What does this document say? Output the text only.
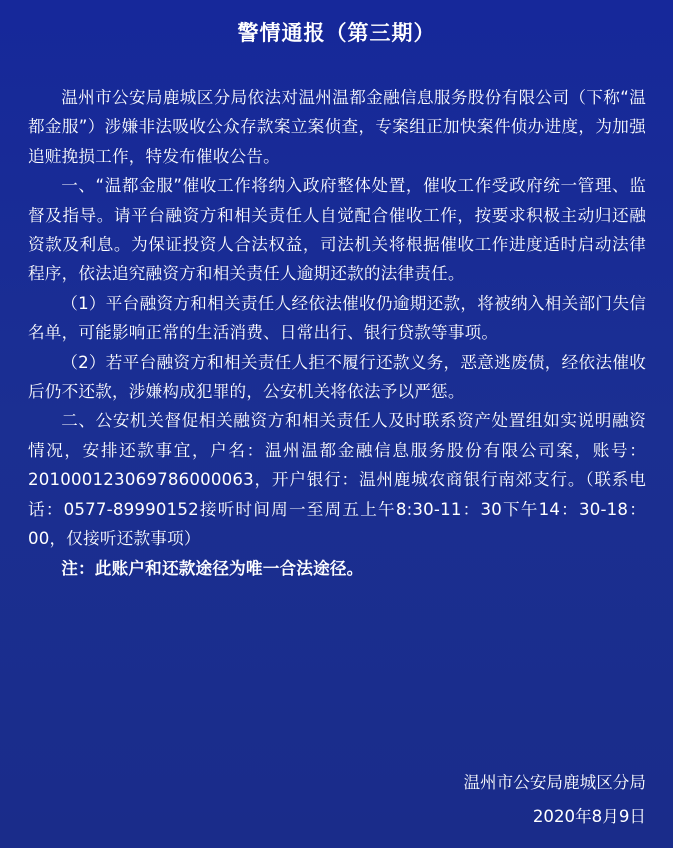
警情通报（第三期）

温州市公安局鹿城区分局依法对温州温都金融信息服务股份有限公司（下称“温都金服”）涉嫌非法吸收公众存款案立案侦查，专案组正加快案件侦办进度，为加强追赃挽损工作，特发布催收公告。

一、“温都金服”催收工作将纳入政府整体处置，催收工作受政府统一管理、监督及指导。请平台融资方和相关责任人自觉配合催收工作，按要求积极主动归还融资款及利息。为保证投资人合法权益，司法机关将根据催收工作进度适时启动法律程序，依法追究融资方和相关责任人逾期还款的法律责任。

（1）平台融资方和相关责任人经依法催收仍逾期还款，将被纳入相关部门失信名单，可能影响正常的生活消费、日常出行、银行贷款等事项。

（2）若平台融资方和相关责任人拒不履行还款义务，恶意逃废债，经依法催收后仍不还款，涉嫌构成犯罪的，公安机关将依法予以严惩。

二、公安机关督促相关融资方和相关责任人及时联系资产处置组如实说明融资情况，安排还款事宜，户名：温州温都金融信息服务股份有限公司案，账号：201000123069786000063，开户银行：温州鹿城农商银行南郊支行。（联系电话：0577-89990152接听时间周一至周五上午8:30-11：30下午14：30-18：00，仅接听还款事项）

注：此账户和还款途径为唯一合法途径。

温州市公安局鹿城区分局
2020年8月9日
